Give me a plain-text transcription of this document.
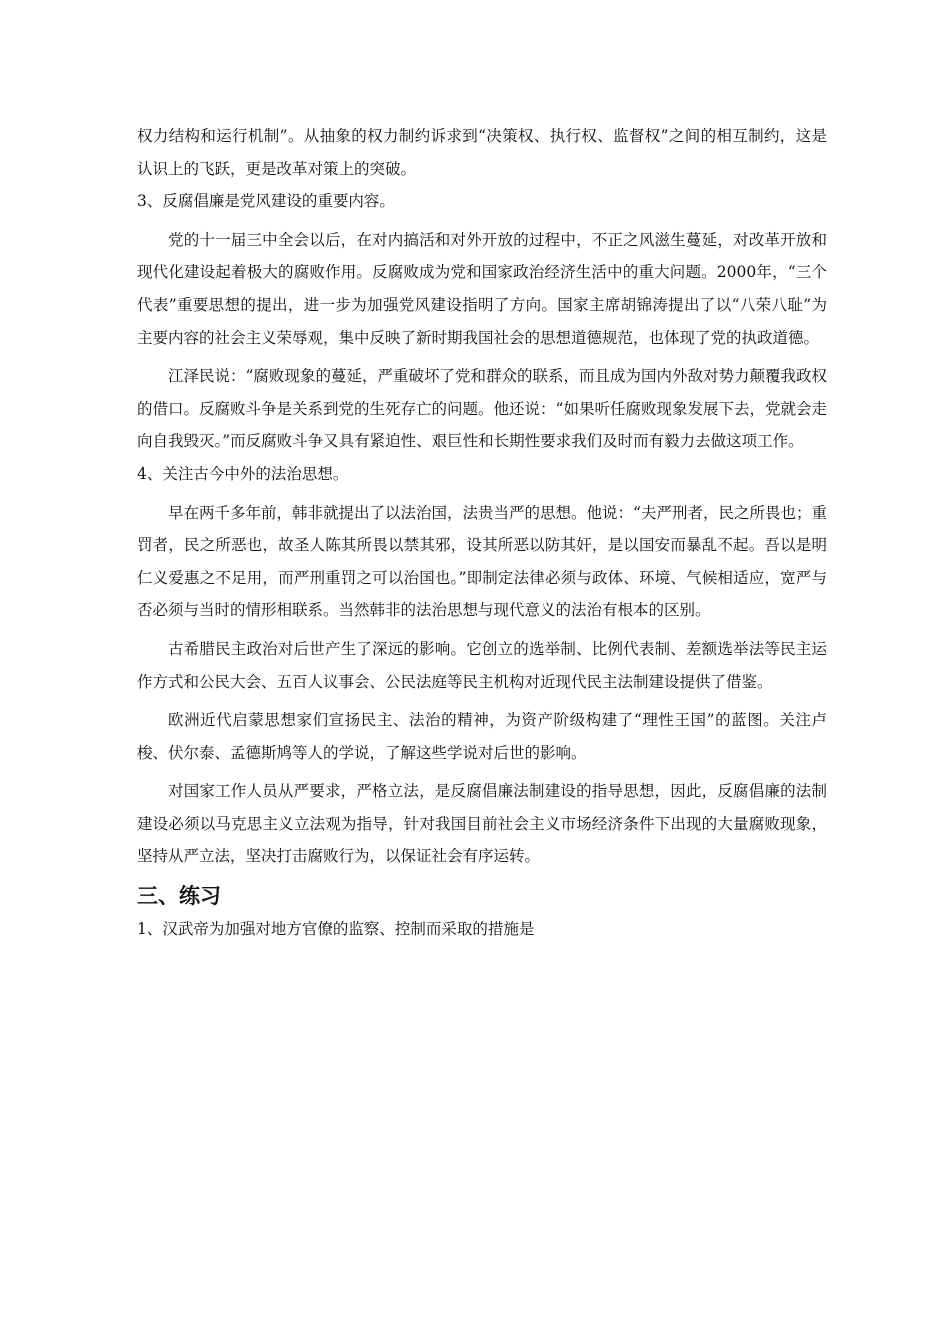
权力结构和运行机制”。从抽象的权力制约诉求到“决策权、执行权、监督权”之间的相互制约，这是认识上的飞跃，更是改革对策上的突破。

3、反腐倡廉是党风建设的重要内容。

党的十一届三中全会以后，在对内搞活和对外开放的过程中，不正之风滋生蔓延，对改革开放和现代化建设起着极大的腐败作用。反腐败成为党和国家政治经济生活中的重大问题。2000年，“三个代表”重要思想的提出，进一步为加强党风建设指明了方向。国家主席胡锦涛提出了以“八荣八耻”为主要内容的社会主义荣辱观，集中反映了新时期我国社会的思想道德规范，也体现了党的执政道德。

江泽民说：“腐败现象的蔓延，严重破坏了党和群众的联系，而且成为国内外敌对势力颠覆我政权的借口。反腐败斗争是关系到党的生死存亡的问题。他还说：“如果听任腐败现象发展下去，党就会走向自我毁灭。”而反腐败斗争又具有紧迫性、艰巨性和长期性要求我们及时而有毅力去做这项工作。

4、关注古今中外的法治思想。

早在两千多年前，韩非就提出了以法治国，法贵当严的思想。他说：“夫严刑者，民之所畏也；重罚者，民之所恶也，故圣人陈其所畏以禁其邪，设其所恶以防其奸，是以国安而暴乱不起。吾以是明仁义爱惠之不足用，而严刑重罚之可以治国也。”即制定法律必须与政体、环境、气候相适应，宽严与否必须与当时的情形相联系。当然韩非的法治思想与现代意义的法治有根本的区别。

古希腊民主政治对后世产生了深远的影响。它创立的选举制、比例代表制、差额选举法等民主运作方式和公民大会、五百人议事会、公民法庭等民主机构对近现代民主法制建设提供了借鉴。

欧洲近代启蒙思想家们宣扬民主、法治的精神，为资产阶级构建了“理性王国”的蓝图。关注卢梭、伏尔泰、孟德斯鸠等人的学说，了解这些学说对后世的影响。

对国家工作人员从严要求，严格立法，是反腐倡廉法制建设的指导思想，因此，反腐倡廉的法制建设必须以马克思主义立法观为指导，针对我国目前社会主义市场经济条件下出现的大量腐败现象，坚持从严立法，坚决打击腐败行为，以保证社会有序运转。

三、练习

1、汉武帝为加强对地方官僚的监察、控制而采取的措施是
